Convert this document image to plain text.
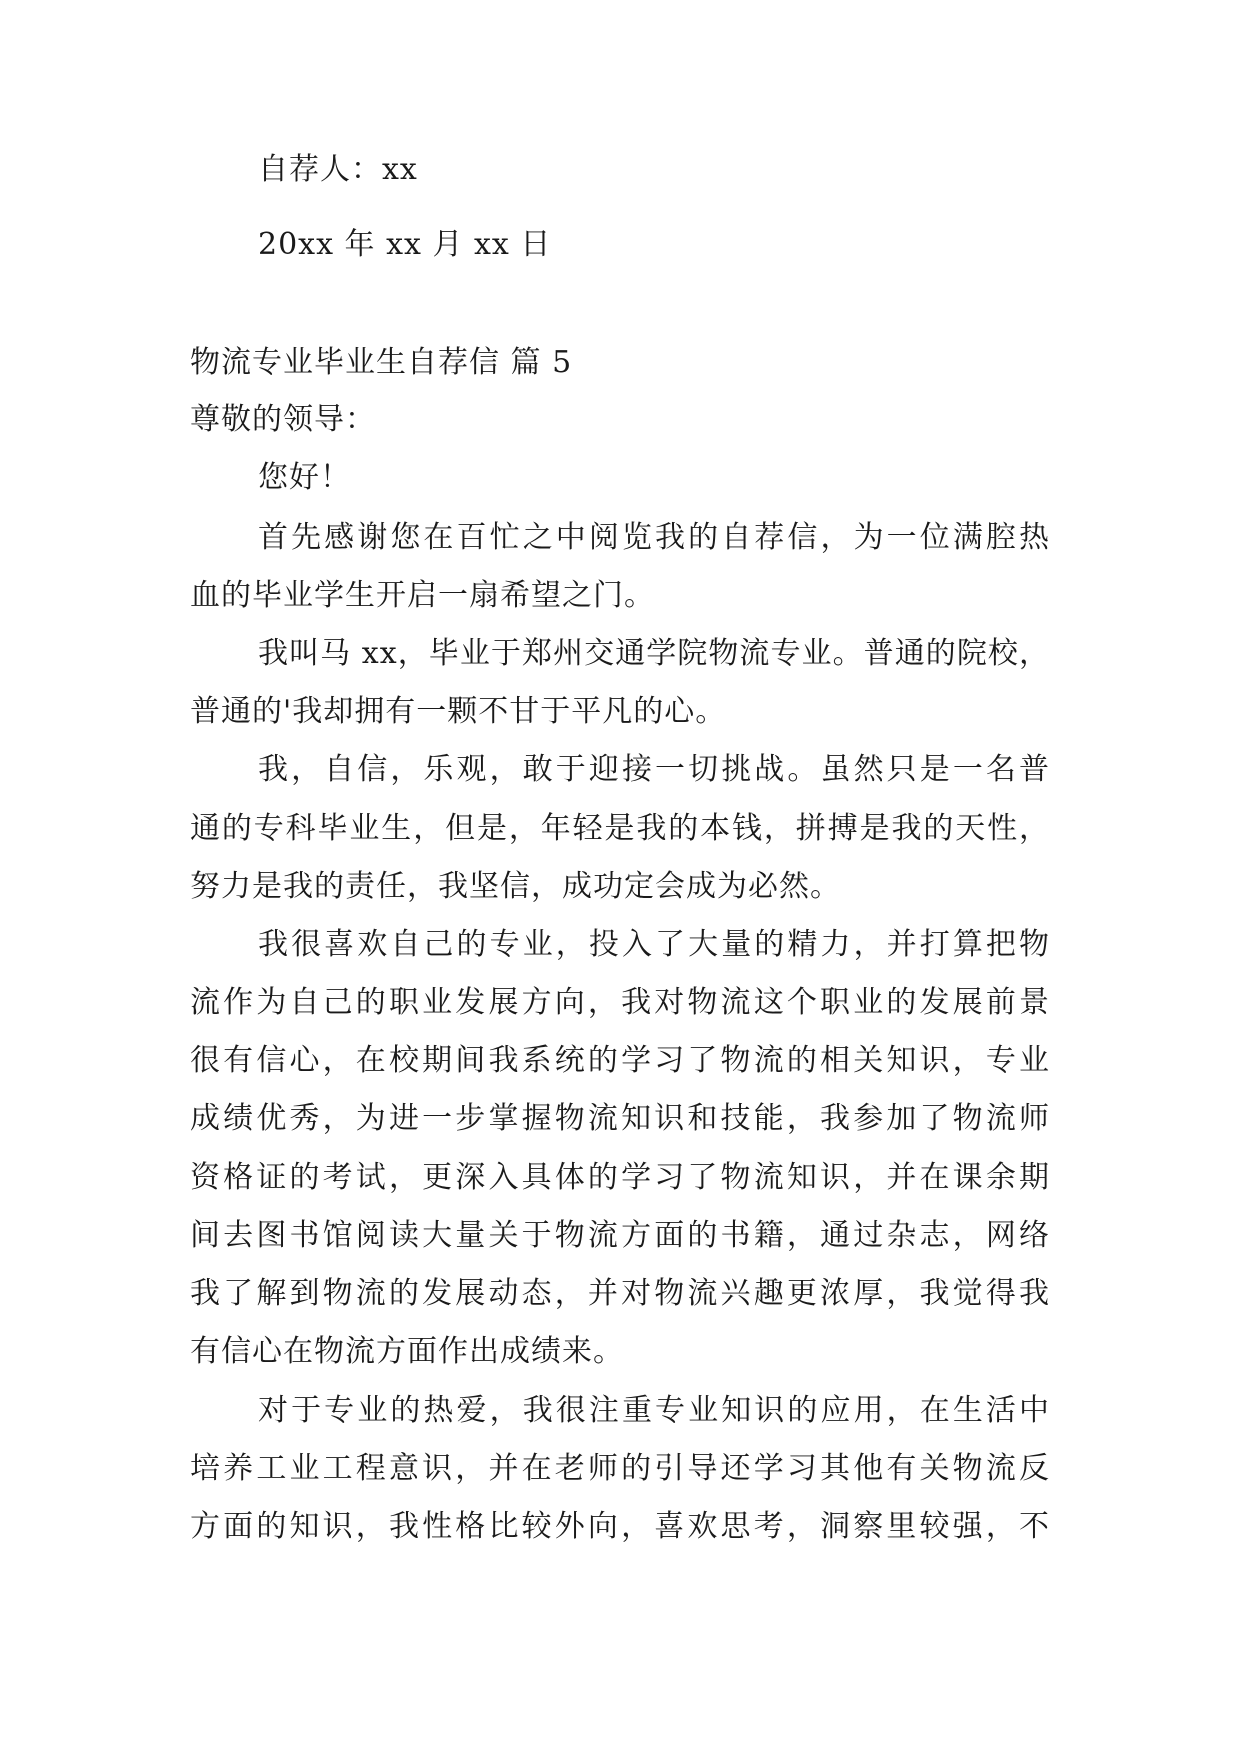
自荐人：xx
20xx 年 xx 月 xx 日
物流专业毕业生自荐信 篇 5
尊敬的领导：
您好！
首先感谢您在百忙之中阅览我的自荐信，为一位满腔热
血的毕业学生开启一扇希望之门。
我叫马 xx，毕业于郑州交通学院物流专业。普通的院校，
普通的'我却拥有一颗不甘于平凡的心。
我，自信，乐观，敢于迎接一切挑战。虽然只是一名普
通的专科毕业生，但是，年轻是我的本钱，拼搏是我的天性，
努力是我的责任，我坚信，成功定会成为必然。
我很喜欢自己的专业，投入了大量的精力，并打算把物
流作为自己的职业发展方向，我对物流这个职业的发展前景
很有信心，在校期间我系统的学习了物流的相关知识，专业
成绩优秀，为进一步掌握物流知识和技能，我参加了物流师
资格证的考试，更深入具体的学习了物流知识，并在课余期
间去图书馆阅读大量关于物流方面的书籍，通过杂志，网络
我了解到物流的发展动态，并对物流兴趣更浓厚，我觉得我
有信心在物流方面作出成绩来。
对于专业的热爱，我很注重专业知识的应用，在生活中
培养工业工程意识，并在老师的引导还学习其他有关物流反
方面的知识，我性格比较外向，喜欢思考，洞察里较强，不
